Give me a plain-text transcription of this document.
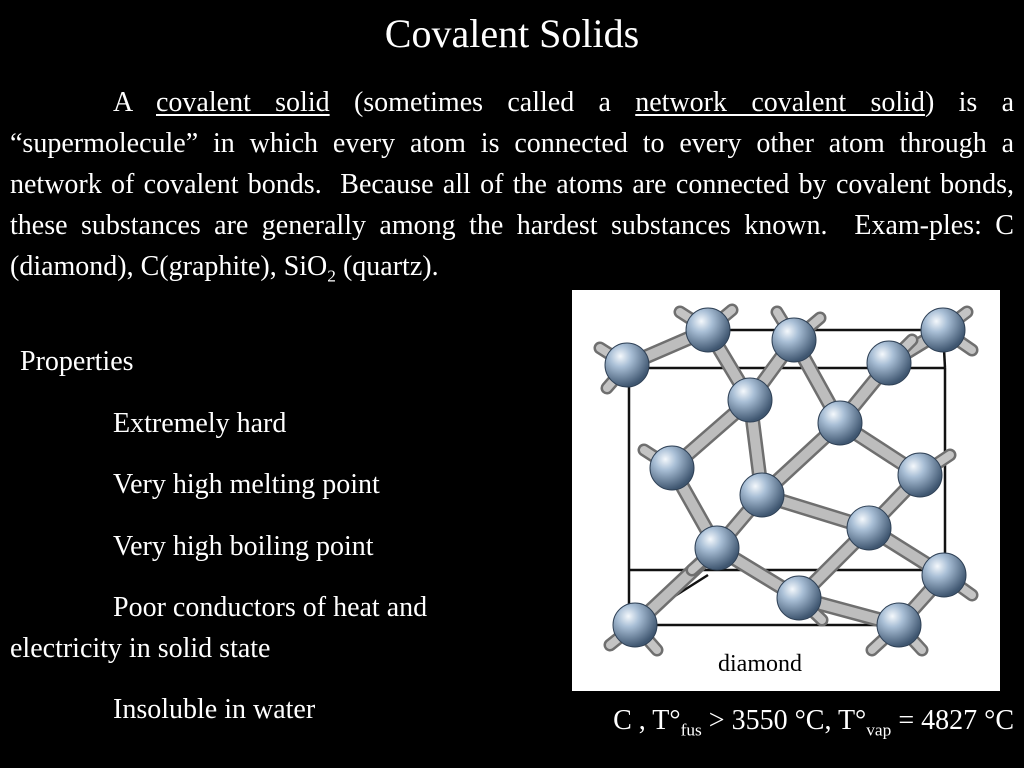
Covalent Solids
A covalent solid (sometimes called a network covalent solid) is a “supermolecule” in which every atom is connected to every other atom through a network of covalent bonds.  Because all of the atoms are connected by covalent bonds, these substances are generally among the hardest substances known.  Exam-ples: C (diamond), C(graphite), SiO$_2$ (quartz).
Properties
Extremely hard
Very high melting point
Very high boiling point
Poor conductors of heat and
electricity in solid state
Insoluble in water
diamond
C , $T^\circ_{fus} > 3550$ °C, $T^\circ_{vap} = 4827$ °C
